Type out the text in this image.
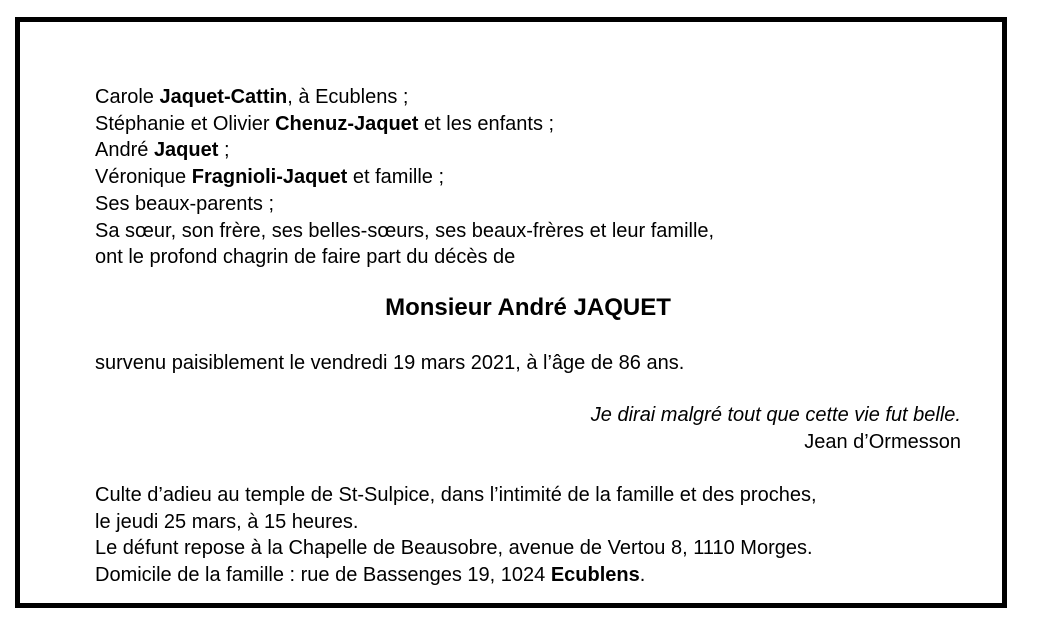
Carole Jaquet-Cattin, à Ecublens ;
Stéphanie et Olivier Chenuz-Jaquet et les enfants ;
André Jaquet ;
Véronique Fragnioli-Jaquet et famille ;
Ses beaux-parents ;
Sa sœur, son frère, ses belles-sœurs, ses beaux-frères et leur famille,
ont le profond chagrin de faire part du décès de
Monsieur André JAQUET
survenu paisiblement le vendredi 19 mars 2021, à l’âge de 86 ans.
Je dirai malgré tout que cette vie fut belle.
Jean d’Ormesson
Culte d’adieu au temple de St-Sulpice, dans l’intimité de la famille et des proches,
le jeudi 25 mars, à 15 heures.
Le défunt repose à la Chapelle de Beausobre, avenue de Vertou 8, 1110 Morges.
Domicile de la famille : rue de Bassenges 19, 1024 Ecublens.
